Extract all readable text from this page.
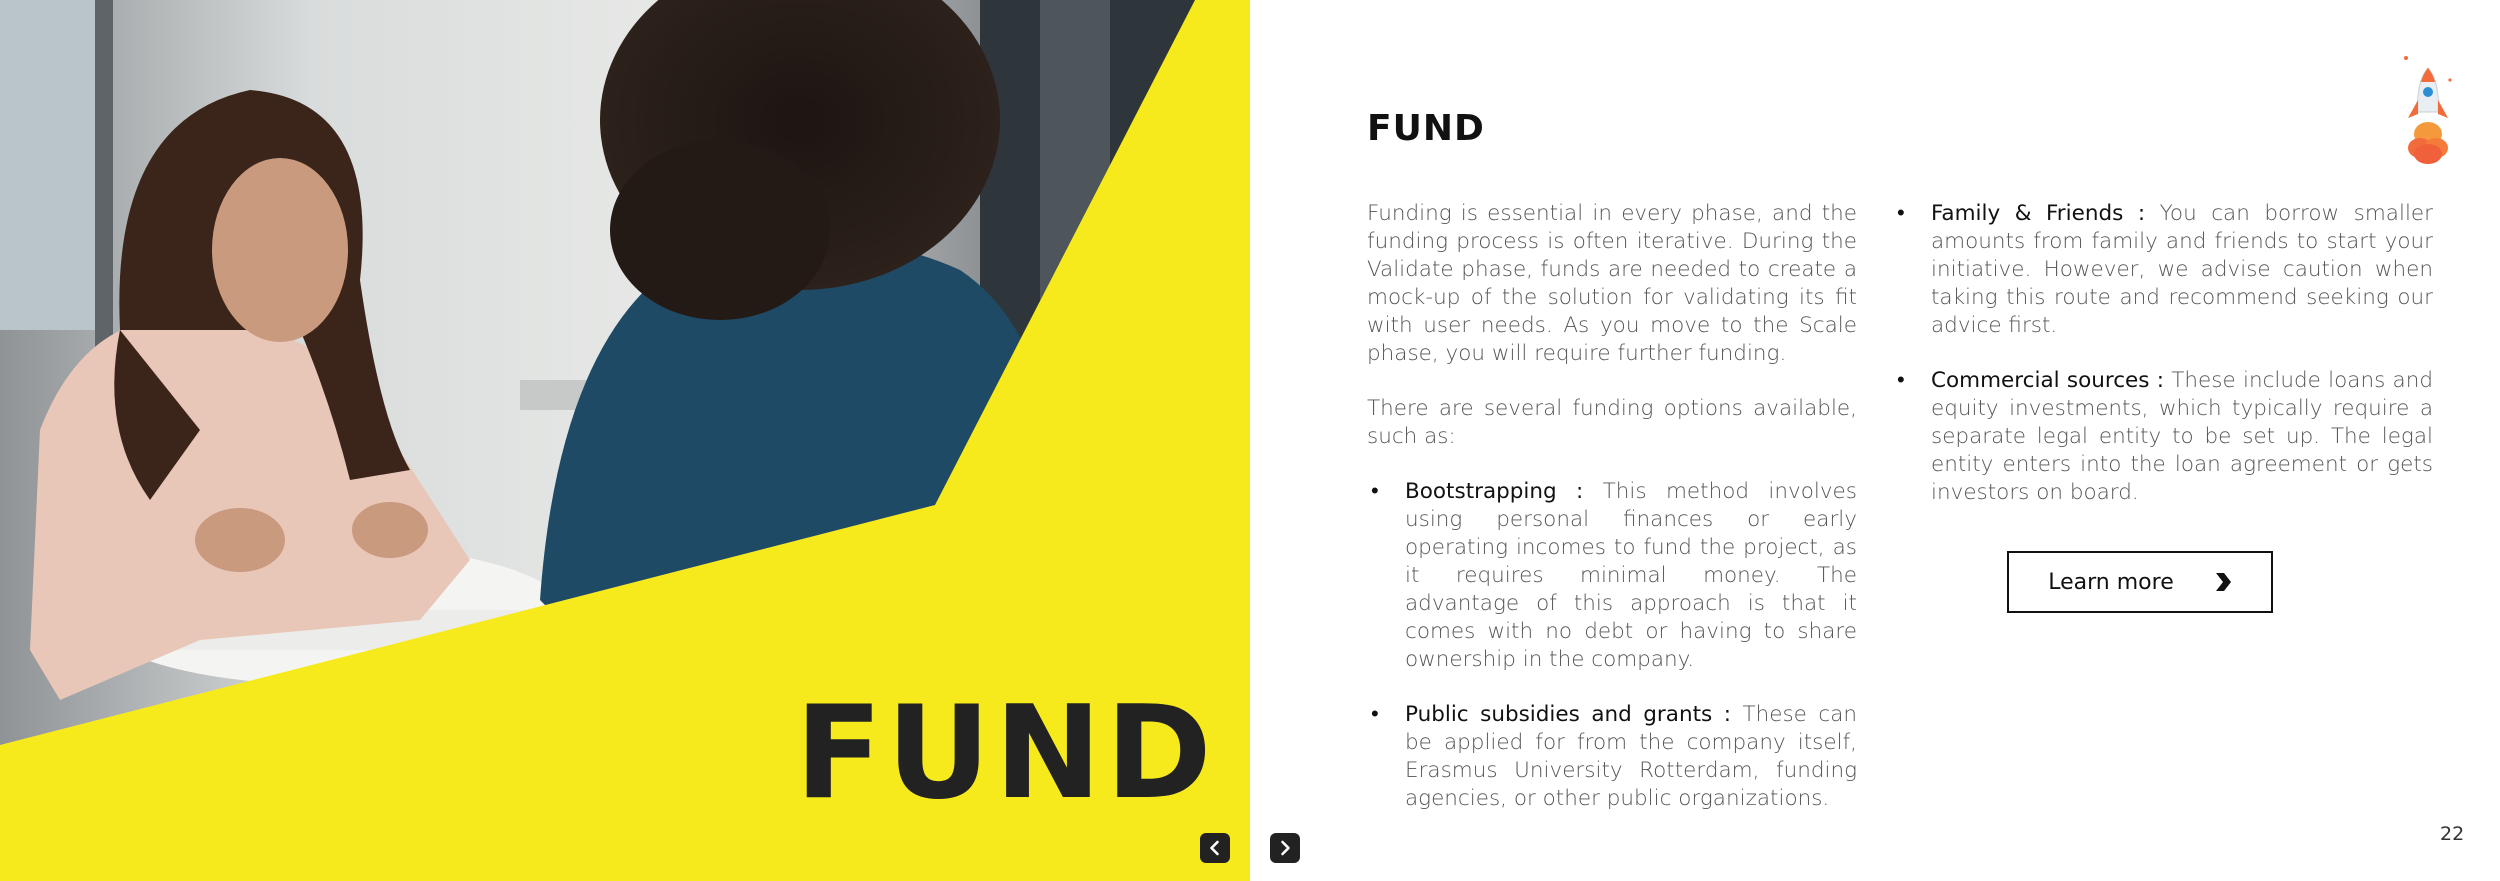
FUND
FUND

Funding is essential in every phase, and the funding process is often iterative. During the Validate phase, funds are needed to create a mock-up of the solution for validating its fit with user needs. As you move to the Scale phase, you will require further funding.

There are several funding options available, such as:

• Bootstrapping : This method involves using personal finances or early operating incomes to fund the project, as it requires minimal money. The advantage of this approach is that it comes with no debt or having to share ownership in the company.
• Public subsidies and grants : These can be applied for from the company itself, Erasmus University Rotterdam, funding agencies, or other public organizations.
• Family & Friends : You can borrow smaller amounts from family and friends to start your initiative. However, we advise caution when taking this route and recommend seeking our advice first.
• Commercial sources : These include loans and equity investments, which typically require a separate legal entity to be set up. The legal entity enters into the loan agreement or gets investors on board.
Learn more
22
